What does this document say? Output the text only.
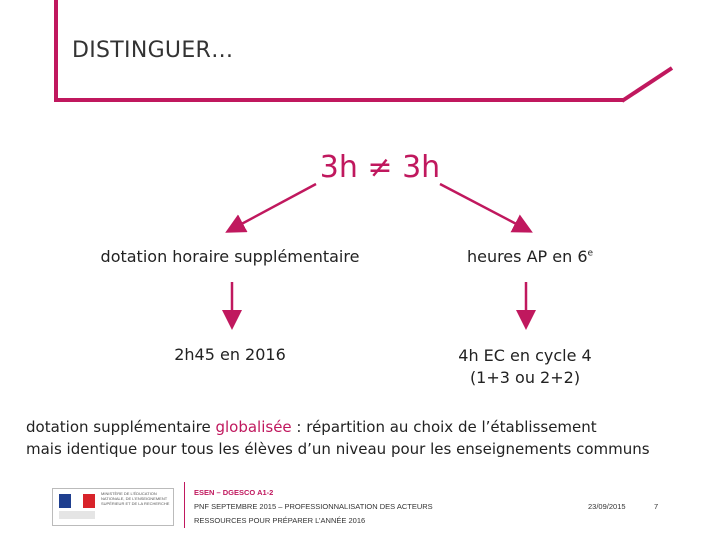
DISTINGUER…
3h ≠ 3h
dotation horaire supplémentaire	heures AP en 6e
2h45 en 2016	4h EC en cycle 4
(1+3 ou 2+2)
dotation supplémentaire globalisée : répartition au choix de l’établissement
mais identique pour tous les élèves d’un niveau pour les enseignements communs
MINISTÈRE DE L’ÉDUCATION NATIONALE, DE L’ENSEIGNEMENT SUPÉRIEUR ET DE LA RECHERCHE
ESEN – DGESCO A1-2
PNF SEPTEMBRE 2015 – PROFESSIONNALISATION DES ACTEURS
RESSOURCES POUR PRÉPARER L’ANNÉE 2016
23/09/2015	7
